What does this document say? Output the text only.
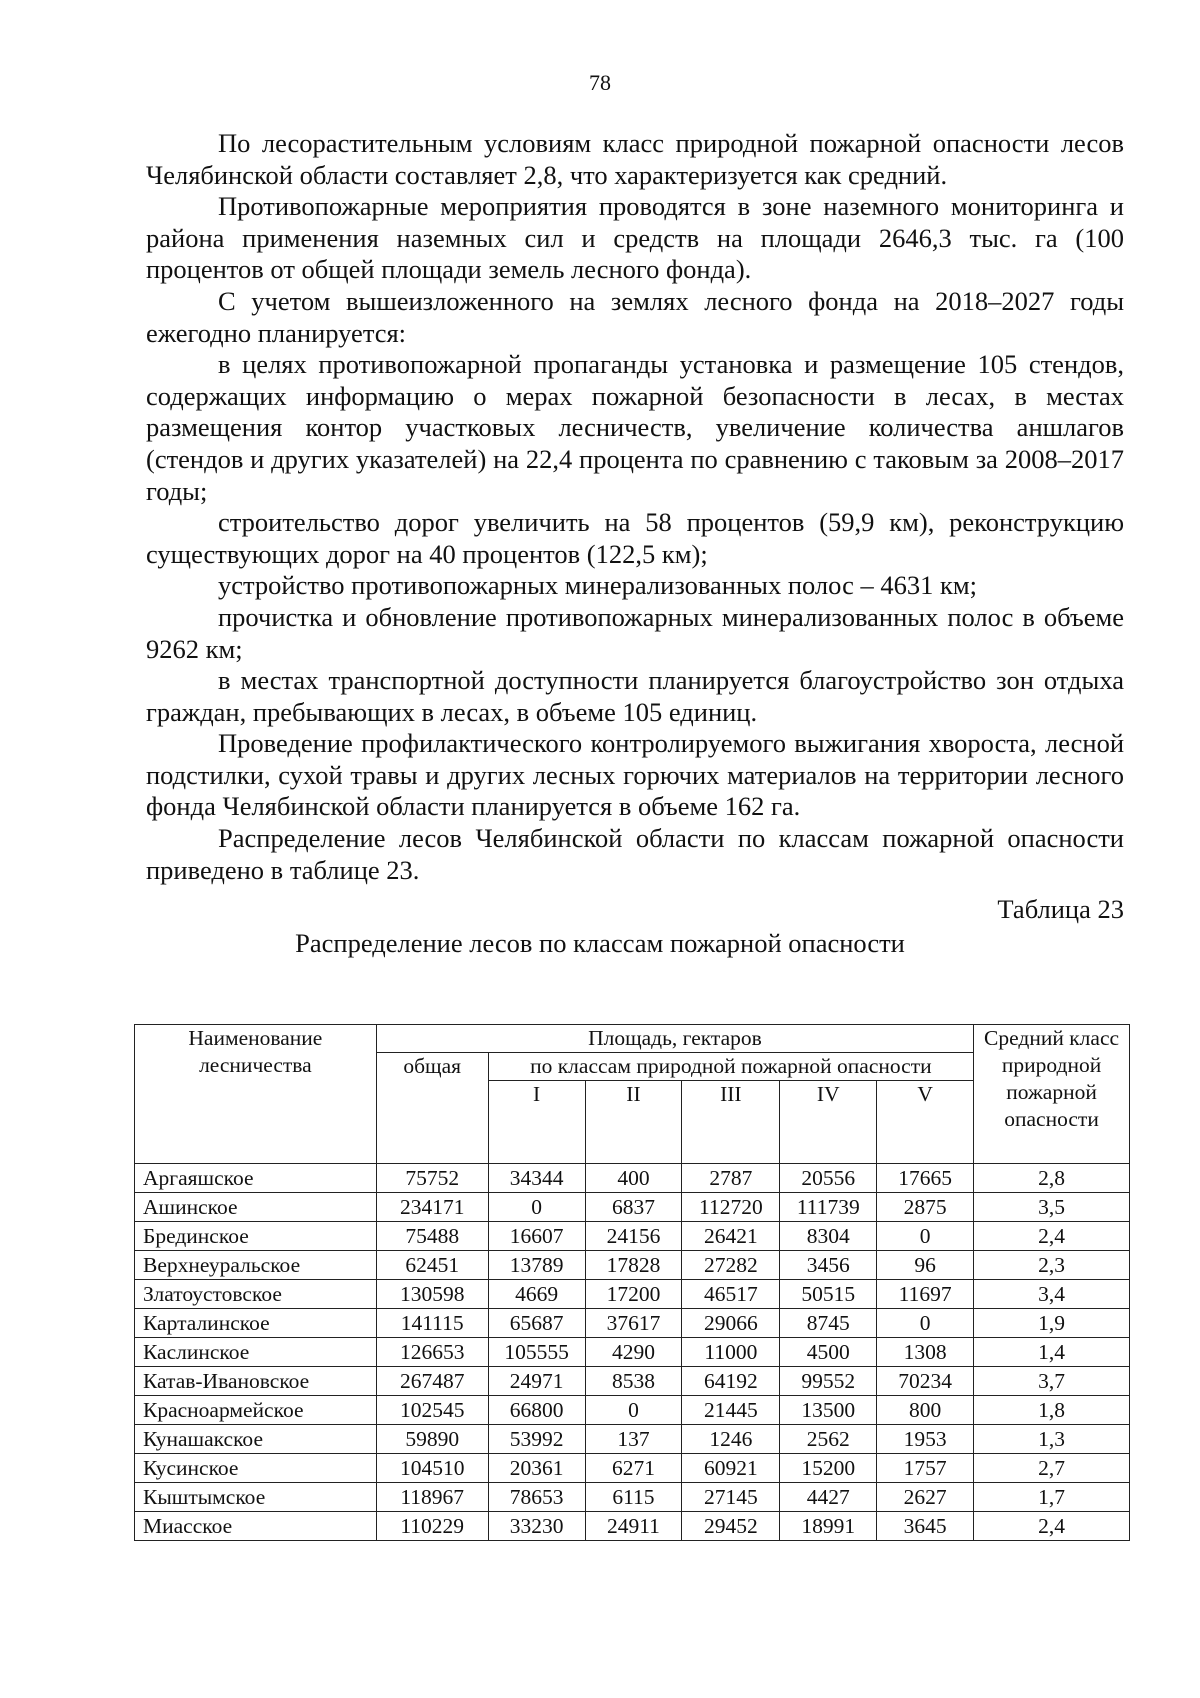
78

По лесорастительным условиям класс природной пожарной опасности лесов Челябинской области составляет 2,8, что характеризуется как средний.

Противопожарные мероприятия проводятся в зоне наземного мониторинга и района применения наземных сил и средств на площади 2646,3 тыс. га (100 процентов от общей площади земель лесного фонда).

С учетом вышеизложенного на землях лесного фонда на 2018–2027 годы ежегодно планируется:

в целях противопожарной пропаганды установка и размещение 105 стендов, содержащих информацию о мерах пожарной безопасности в лесах, в местах размещения контор участковых лесничеств, увеличение количества аншлагов (стендов и других указателей) на 22,4 процента по сравнению с таковым за 2008–2017 годы;

строительство дорог увеличить на 58 процентов (59,9 км), реконструкцию существующих дорог на 40 процентов (122,5 км);

устройство противопожарных минерализованных полос – 4631 км;

прочистка и обновление противопожарных минерализованных полос в объеме 9262 км;

в местах транспортной доступности планируется благоустройство зон отдыха граждан, пребывающих в лесах, в объеме 105 единиц.

Проведение профилактического контролируемого выжигания хвороста, лесной подстилки, сухой травы и других лесных горючих материалов на территории лесного фонда Челябинской области планируется в объеме 162 га.

Распределение лесов Челябинской области по классам пожарной опасности приведено в таблице 23.

Таблица 23
Распределение лесов по классам пожарной опасности
Наименование лесничества	Площадь, гектаров						Средний класс природной пожарной опасности
	общая	по классам природной пожарной опасности					
		I	II	III	IV	V	
Аргаяшское	75752	34344	400	2787	20556	17665	2,8
Ашинское	234171	0	6837	112720	111739	2875	3,5
Брединское	75488	16607	24156	26421	8304	0	2,4
Верхнеуральское	62451	13789	17828	27282	3456	96	2,3
Златоустовское	130598	4669	17200	46517	50515	11697	3,4
Карталинское	141115	65687	37617	29066	8745	0	1,9
Каслинское	126653	105555	4290	11000	4500	1308	1,4
Катав-Ивановское	267487	24971	8538	64192	99552	70234	3,7
Красноармейское	102545	66800	0	21445	13500	800	1,8
Кунашакское	59890	53992	137	1246	2562	1953	1,3
Кусинское	104510	20361	6271	60921	15200	1757	2,7
Кыштымское	118967	78653	6115	27145	4427	2627	1,7
Миасское	110229	33230	24911	29452	18991	3645	2,4
